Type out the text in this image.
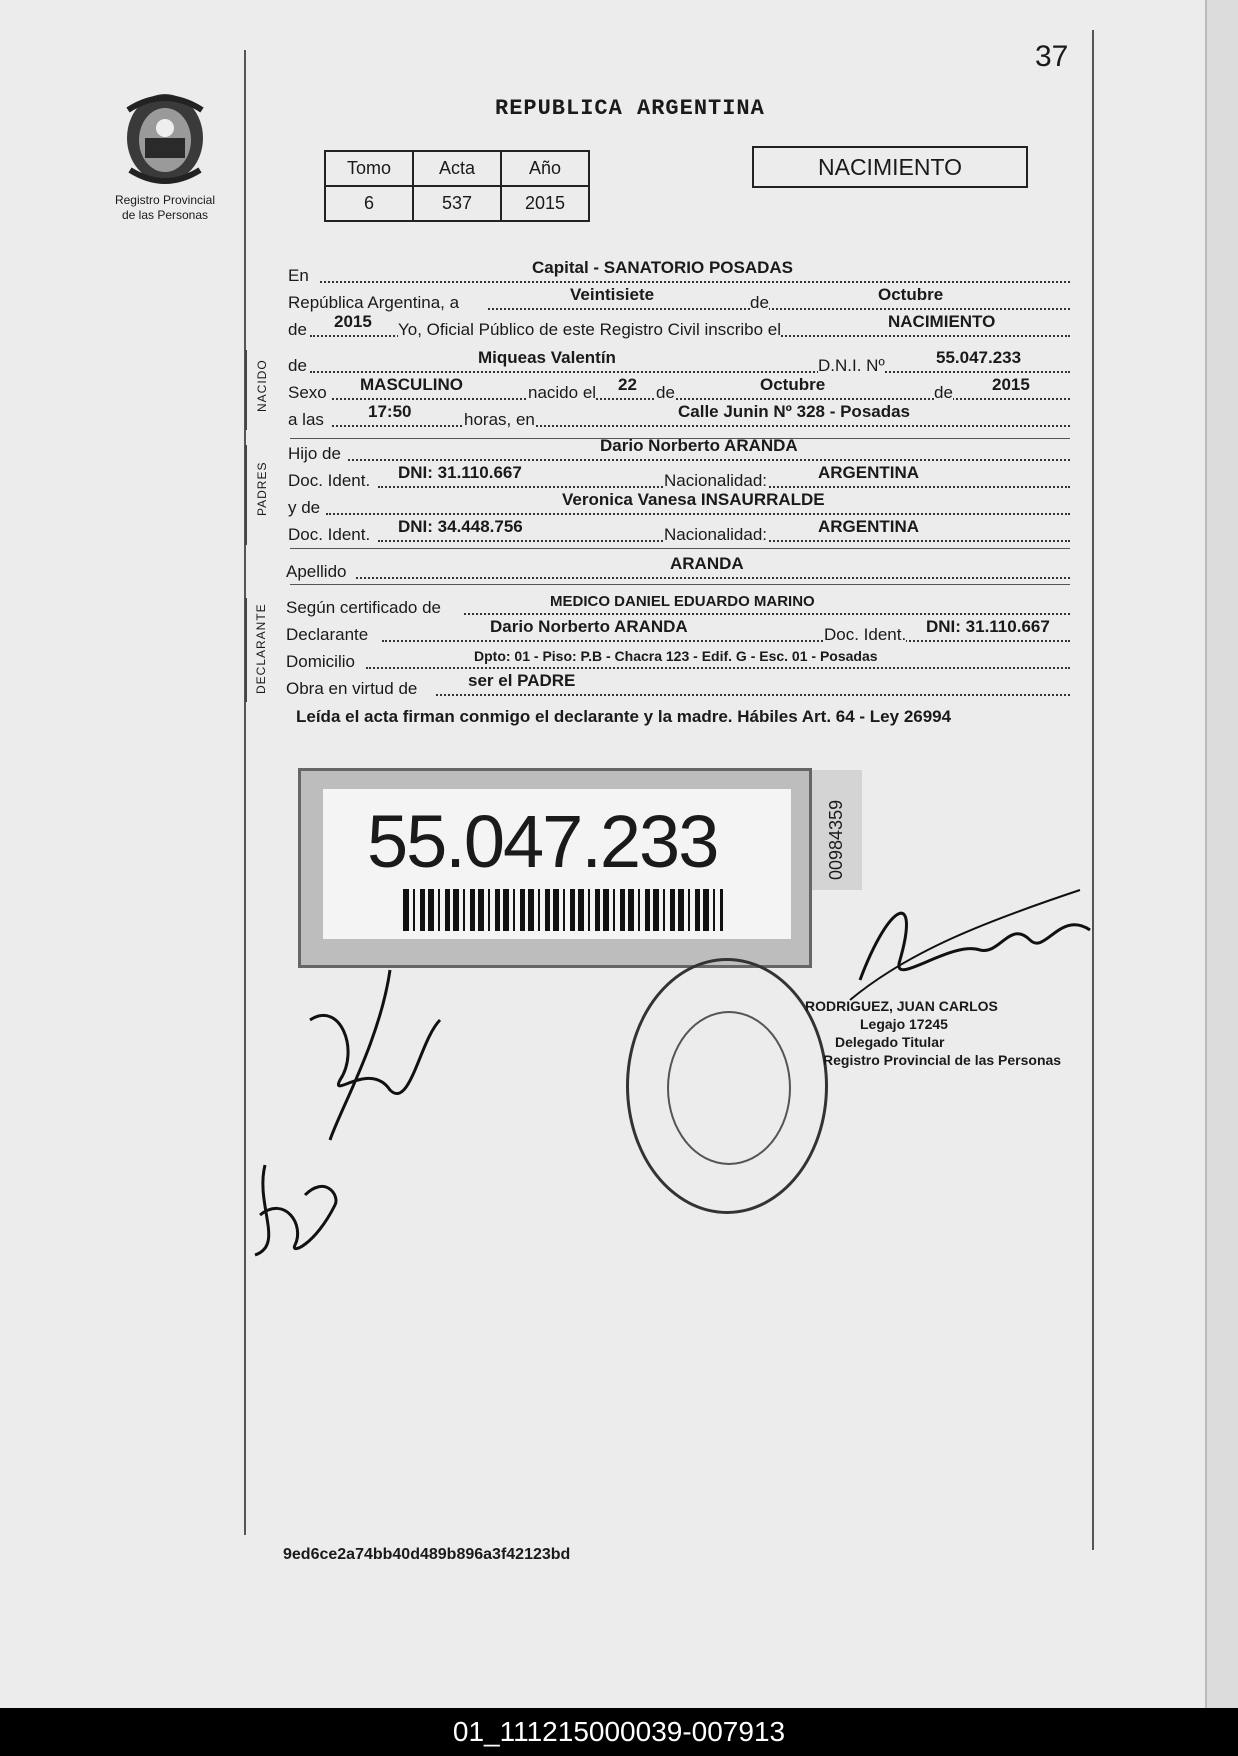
37
Registro Provincial
de las Personas
REPUBLICA ARGENTINA
Tomo	Acta	Año
6	537	2015
NACIMIENTO
En	Capital - SANATORIO POSADAS
República Argentina, a	Veintisiete	de	Octubre
de 2015 Yo, Oficial Público de este Registro Civil inscribo el	NACIMIENTO
NACIDO de	Miqueas Valentín	D.N.I. Nº	55.047.233
Sexo MASCULINO	nacido el 22 de	Octubre	de 2015
a las	17:50	horas, en	Calle Junin Nº 328 - Posadas
PADRES
Hijo de	Dario Norberto ARANDA
Doc. Ident. DNI: 31.110.667	Nacionalidad:	ARGENTINA
y de	Veronica Vanesa INSAURRALDE
Doc. Ident. DNI: 34.448.756	Nacionalidad:	ARGENTINA
Apellido	ARANDA
DECLARANTE Según certificado de	MEDICO DANIEL EDUARDO MARINO
Declarante	Dario Norberto ARANDA	Doc. Ident. DNI: 31.110.667
Domicilio	Dpto: 01 - Piso: P.B - Chacra 123 - Edif. G - Esc. 01 - Posadas
Obra en virtud de	ser el PADRE
Leída el acta firman conmigo el declarante y la madre. Hábiles Art. 64 - Ley 26994
55.047.233	00984359
RODRIGUEZ, JUAN CARLOS
Legajo 17245
Delegado Titular
Registro Provincial de las Personas
9ed6ce2a74bb40d489b896a3f42123bd
01_111215000039-007913
